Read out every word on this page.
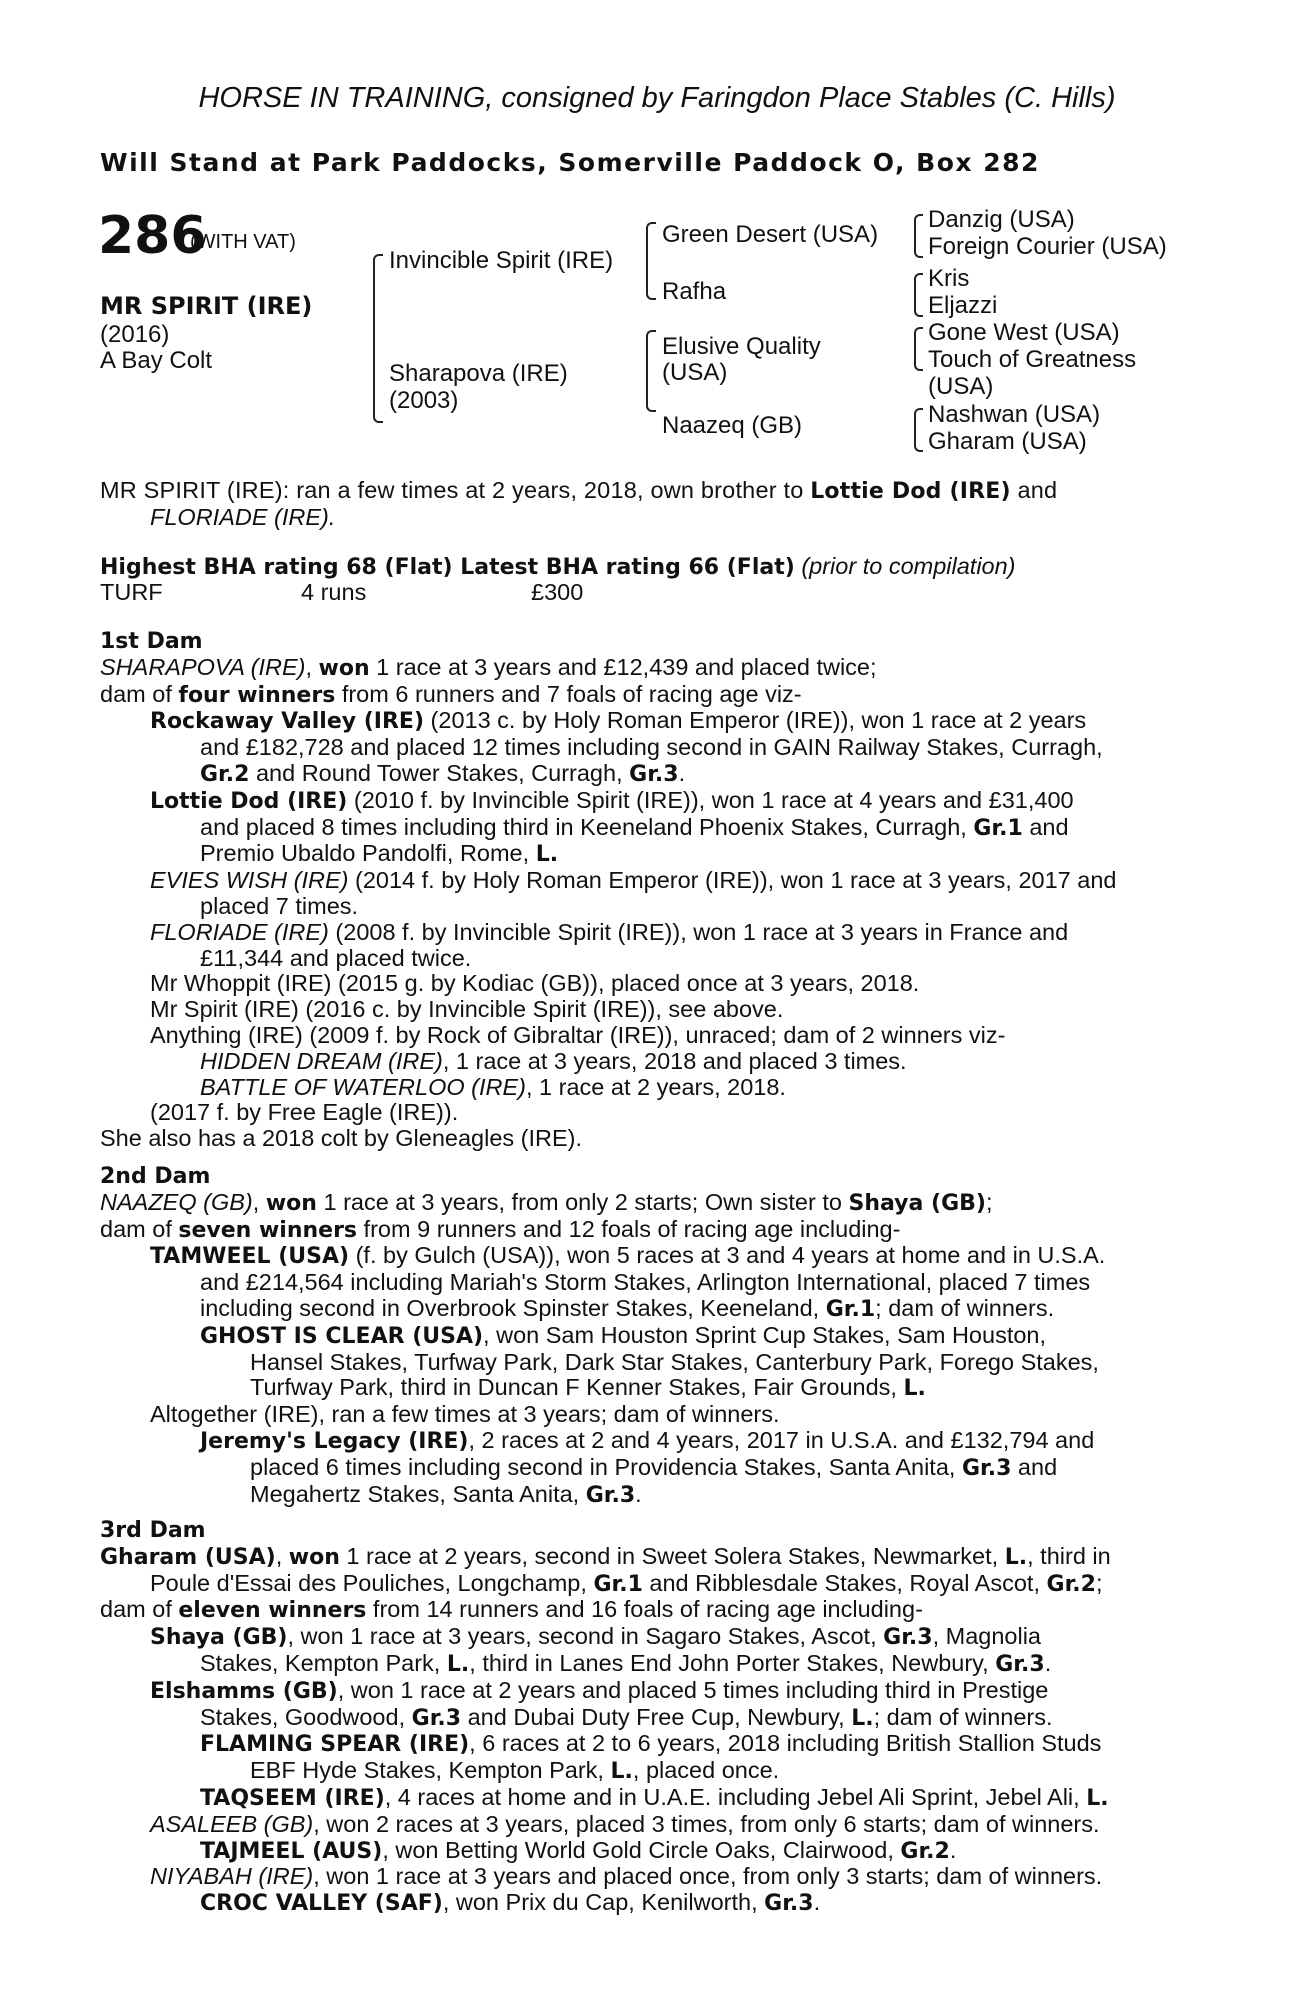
HORSE IN TRAINING, consigned by Faringdon Place Stables (C. Hills)
Will Stand at Park Paddocks, Somerville Paddock O, Box 282
286
(WITH VAT)
MR SPIRIT (IRE)
(2016)
A Bay Colt
Invincible Spirit (IRE)
Sharapova (IRE)
(2003)
Green Desert (USA)
Rafha
Elusive Quality
(USA)
Naazeq (GB)
Danzig (USA)
Foreign Courier (USA)
Kris
Eljazzi
Gone West (USA)
Touch of Greatness
(USA)
Nashwan (USA)
Gharam (USA)
MR SPIRIT (IRE): ran a few times at 2 years, 2018, own brother to Lottie Dod (IRE) and
FLORIADE (IRE).
Highest BHA rating 68 (Flat) Latest BHA rating 66 (Flat) (prior to compilation)
TURF	4 runs	£300
1st Dam
SHARAPOVA (IRE), won 1 race at 3 years and £12,439 and placed twice;
dam of four winners from 6 runners and 7 foals of racing age viz-
Rockaway Valley (IRE) (2013 c. by Holy Roman Emperor (IRE)), won 1 race at 2 years
and £182,728 and placed 12 times including second in GAIN Railway Stakes, Curragh,
Gr.2 and Round Tower Stakes, Curragh, Gr.3.
Lottie Dod (IRE) (2010 f. by Invincible Spirit (IRE)), won 1 race at 4 years and £31,400
and placed 8 times including third in Keeneland Phoenix Stakes, Curragh, Gr.1 and
Premio Ubaldo Pandolfi, Rome, L.
EVIES WISH (IRE) (2014 f. by Holy Roman Emperor (IRE)), won 1 race at 3 years, 2017 and
placed 7 times.
FLORIADE (IRE) (2008 f. by Invincible Spirit (IRE)), won 1 race at 3 years in France and
£11,344 and placed twice.
Mr Whoppit (IRE) (2015 g. by Kodiac (GB)), placed once at 3 years, 2018.
Mr Spirit (IRE) (2016 c. by Invincible Spirit (IRE)), see above.
Anything (IRE) (2009 f. by Rock of Gibraltar (IRE)), unraced; dam of 2 winners viz-
HIDDEN DREAM (IRE), 1 race at 3 years, 2018 and placed 3 times.
BATTLE OF WATERLOO (IRE), 1 race at 2 years, 2018.
(2017 f. by Free Eagle (IRE)).
She also has a 2018 colt by Gleneagles (IRE).
2nd Dam
NAAZEQ (GB), won 1 race at 3 years, from only 2 starts; Own sister to Shaya (GB);
dam of seven winners from 9 runners and 12 foals of racing age including-
TAMWEEL (USA) (f. by Gulch (USA)), won 5 races at 3 and 4 years at home and in U.S.A.
and £214,564 including Mariah's Storm Stakes, Arlington International, placed 7 times
including second in Overbrook Spinster Stakes, Keeneland, Gr.1; dam of winners.
GHOST IS CLEAR (USA), won Sam Houston Sprint Cup Stakes, Sam Houston,
Hansel Stakes, Turfway Park, Dark Star Stakes, Canterbury Park, Forego Stakes,
Turfway Park, third in Duncan F Kenner Stakes, Fair Grounds, L.
Altogether (IRE), ran a few times at 3 years; dam of winners.
Jeremy's Legacy (IRE), 2 races at 2 and 4 years, 2017 in U.S.A. and £132,794 and
placed 6 times including second in Providencia Stakes, Santa Anita, Gr.3 and
Megahertz Stakes, Santa Anita, Gr.3.
3rd Dam
Gharam (USA), won 1 race at 2 years, second in Sweet Solera Stakes, Newmarket, L., third in
Poule d'Essai des Pouliches, Longchamp, Gr.1 and Ribblesdale Stakes, Royal Ascot, Gr.2;
dam of eleven winners from 14 runners and 16 foals of racing age including-
Shaya (GB), won 1 race at 3 years, second in Sagaro Stakes, Ascot, Gr.3, Magnolia
Stakes, Kempton Park, L., third in Lanes End John Porter Stakes, Newbury, Gr.3.
Elshamms (GB), won 1 race at 2 years and placed 5 times including third in Prestige
Stakes, Goodwood, Gr.3 and Dubai Duty Free Cup, Newbury, L.; dam of winners.
FLAMING SPEAR (IRE), 6 races at 2 to 6 years, 2018 including British Stallion Studs
EBF Hyde Stakes, Kempton Park, L., placed once.
TAQSEEM (IRE), 4 races at home and in U.A.E. including Jebel Ali Sprint, Jebel Ali, L.
ASALEEB (GB), won 2 races at 3 years, placed 3 times, from only 6 starts; dam of winners.
TAJMEEL (AUS), won Betting World Gold Circle Oaks, Clairwood, Gr.2.
NIYABAH (IRE), won 1 race at 3 years and placed once, from only 3 starts; dam of winners.
CROC VALLEY (SAF), won Prix du Cap, Kenilworth, Gr.3.
